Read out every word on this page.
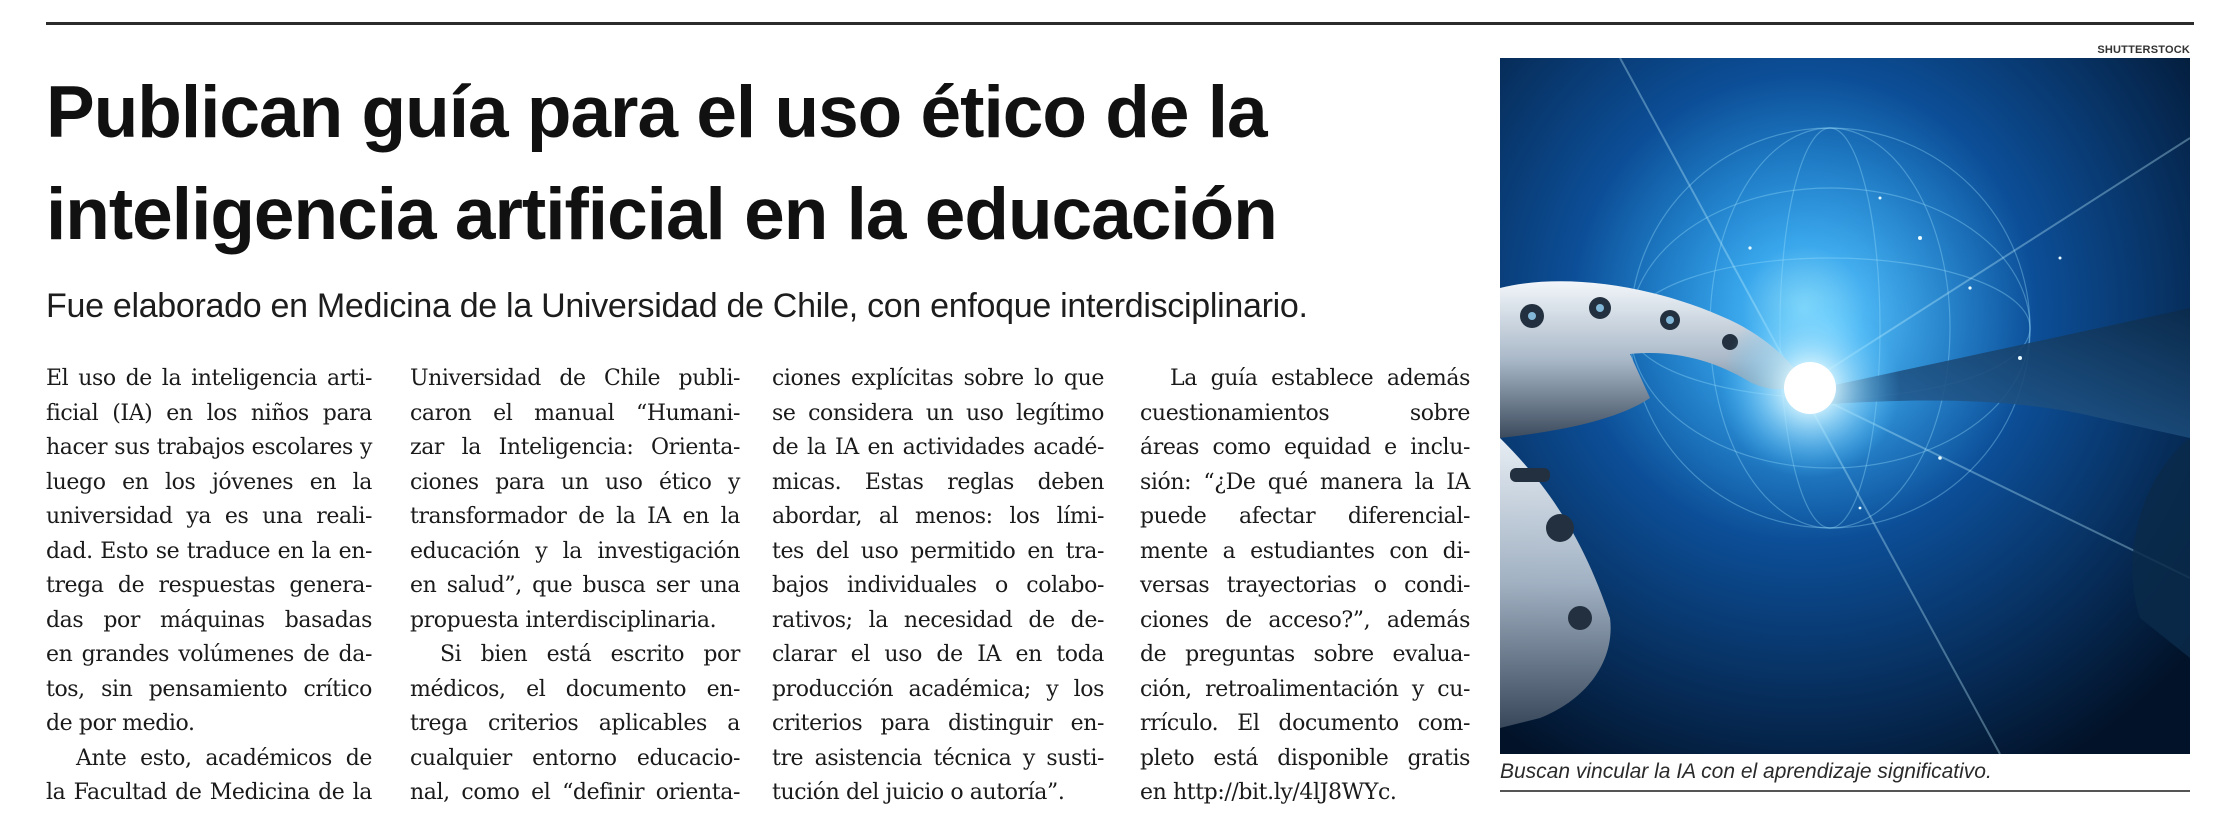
Publican guía para el uso ético de la
inteligencia artificial en la educación
Fue elaborado en Medicina de la Universidad de Chile, con enfoque interdisciplinario.
El uso de la inteligencia arti-
ficial (IA) en los niños para
hacer sus trabajos escolares y
luego en los jóvenes en la
universidad ya es una reali-
dad. Esto se traduce en la en-
trega de respuestas genera-
das por máquinas basadas
en grandes volúmenes de da-
tos, sin pensamiento crítico
de por medio.
Ante esto, académicos de
la Facultad de Medicina de la
Universidad de Chile publi-
caron el manual “Humani-
zar la Inteligencia: Orienta-
ciones para un uso ético y
transformador de la IA en la
educación y la investigación
en salud”, que busca ser una
propuesta interdisciplinaria.
Si bien está escrito por
médicos, el documento en-
trega criterios aplicables a
cualquier entorno educacio-
nal, como el “definir orienta-
ciones explícitas sobre lo que
se considera un uso legítimo
de la IA en actividades acadé-
micas. Estas reglas deben
abordar, al menos: los lími-
tes del uso permitido en tra-
bajos individuales o colabo-
rativos; la necesidad de de-
clarar el uso de IA en toda
producción académica; y los
criterios para distinguir en-
tre asistencia técnica y susti-
tución del juicio o autoría”.
La guía establece además
cuestionamientos sobre
áreas como equidad e inclu-
sión: “¿De qué manera la IA
puede afectar diferencial-
mente a estudiantes con di-
versas trayectorias o condi-
ciones de acceso?”, además
de preguntas sobre evalua-
ción, retroalimentación y cu-
rrículo. El documento com-
pleto está disponible gratis
en http://bit.ly/4lJ8WYc.
SHUTTERSTOCK
Buscan vincular la IA con el aprendizaje significativo.
